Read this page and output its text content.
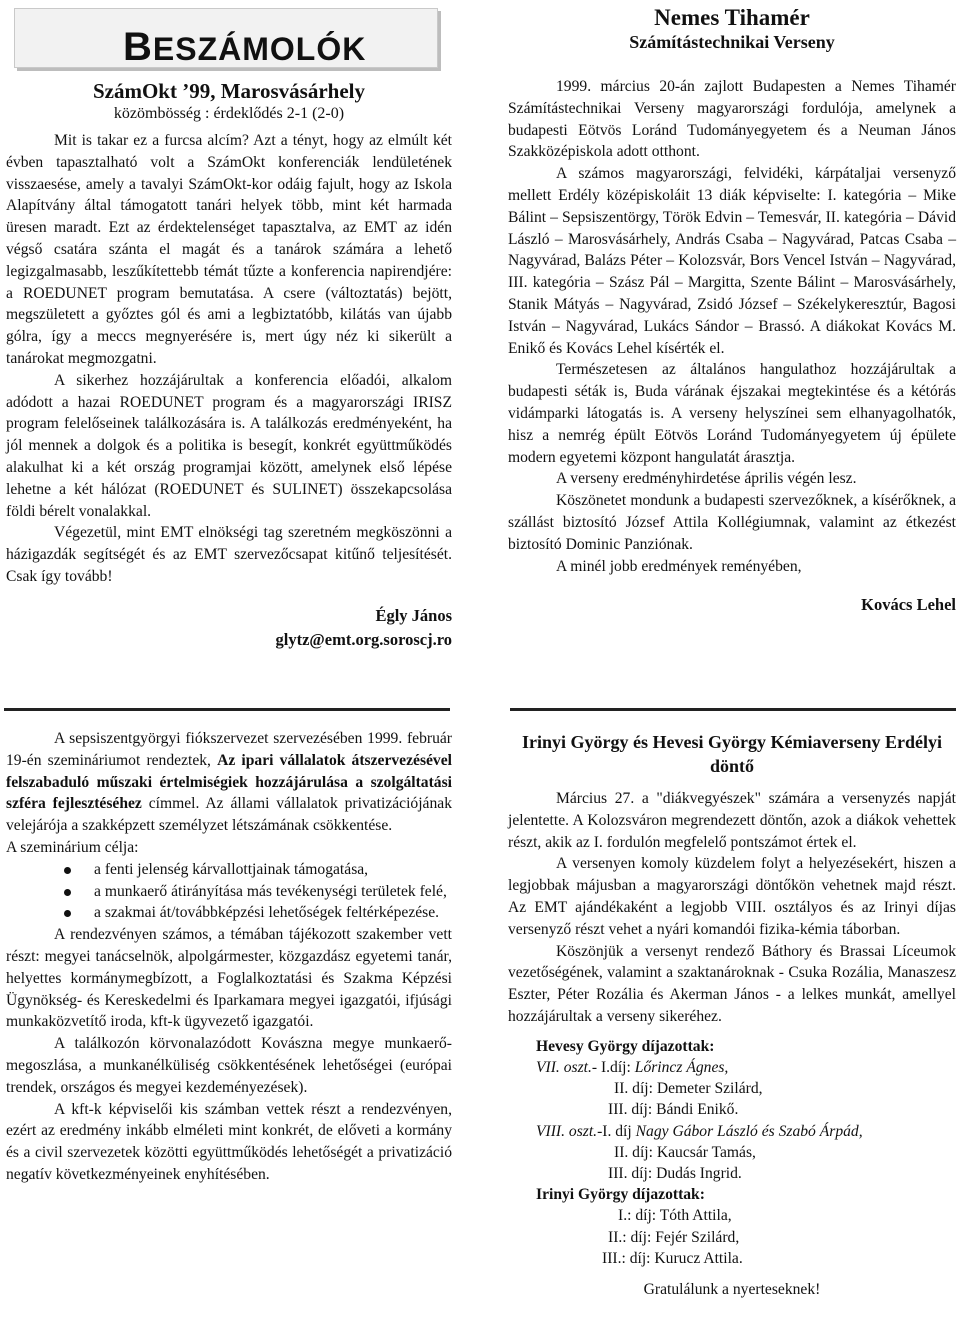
BESZÁMOLÓK

SzámOkt ’99, Marosvásárhely

közömbösség : érdeklődés 2-1 (2-0)

Mit is takar ez a furcsa alcím? Azt a tényt, hogy az elmúlt két évben tapasztalható volt a SzámOkt konferenciák lendületének visszaesése, amely a tavalyi SzámOkt-kor odáig fajult, hogy az Iskola Alapítvány által támogatott tanári helyek több, mint két harmada üresen maradt. Ezt az érdektelenséget tapasztalva, az EMT az idén végső csatára szánta el magát és a tanárok számára a lehető legizgalmasabb, leszűkítettebb témát tűzte a konferencia napirendjére: a ROEDUNET program bemutatása. A csere (változtatás) bejött, megszületett a győztes gól és ami a legbiztatóbb, kilátás van újabb gólra, így a meccs megnyerésére is, mert úgy néz ki sikerült a tanárokat megmozgatni.

A sikerhez hozzájárultak a konferencia előadói, alkalom adódott a hazai ROEDUNET program és a magyarországi IRISZ program felelőseinek találkozására is. A találkozás eredményeként, ha jól mennek a dolgok és a politika is besegít, konkrét együttműködés alakulhat ki a két ország programjai között, amelynek első lépése lehetne a két hálózat (ROEDUNET és SULINET) összekapcsolása földi bérelt vonalakkal.

Végezetül, mint EMT elnökségi tag szeretném megköszönni a házigazdák segítségét és az EMT szervezőcsapat kitűnő teljesítését. Csak így tovább!

Égly János

glytz@emt.org.soroscj.ro

Nemes Tihamér

Számítástechnikai Verseny

1999. március 20-án zajlott Budapesten a Nemes Tihamér Számítástechnikai Verseny magyarországi fordulója, amelynek a budapesti Eötvös Loránd Tudományegyetem és a Neuman János Szakközépiskola adott otthont.

A számos magyarországi, felvidéki, kárpátaljai versenyző mellett Erdély középiskoláit 13 diák képviselte: I. kategória – Mike Bálint – Sepsiszentörgy, Török Edvin – Temesvár, II. kategória – Dávid László – Marosvásárhely, András Csaba – Nagyvárad, Patcas Csaba – Nagyvárad, Balázs Péter – Kolozsvár, Bors Vencel István – Nagyvárad, III. kategória – Szász Pál – Margitta, Szente Bálint – Marosvásárhely, Stanik Mátyás – Nagyvárad, Zsidó József – Székelykeresztúr, Bagosi István – Nagyvárad, Lukács Sándor – Brassó. A diákokat Kovács M. Enikő és Kovács Lehel kísérték el.

Természetesen az általános hangulathoz hozzájárultak a budapesti séták is, Buda várának éjszakai megtekintése és a kétórás vidámparki látogatás is. A verseny helyszínei sem elhanyagolhatók, hisz a nemrég épült Eötvös Loránd Tudományegyetem új épülete modern egyetemi központ hangulatát árasztja.

A verseny eredményhirdetése április végén lesz.

Köszönetet mondunk a budapesti szervezőknek, a kísérőknek, a szállást biztosító József Attila Kollégiumnak, valamint az étkezést biztosító Dominic Panziónak.

A minél jobb eredmények reményében,

Kovács Lehel

A sepsiszentgyörgyi fiókszervezet szervezésében 1999. február 19-én szemináriumot rendeztek, Az ipari vállalatok átszervezésével felszabaduló műszaki értelmiségiek hozzájárulása a szolgáltatási szféra fejlesztéséhez címmel. Az állami vállalatok privatizációjának velejárója a szakképzett személyzet létszámának csökkentése.

A szeminárium célja:

a fenti jelenség kárvallottjainak támogatása,
a munkaerő átirányítása más tevékenységi területek felé,
a szakmai át/továbbképzési lehetőségek feltérképezése.

A rendezvényen számos, a témában tájékozott szakember vett részt: megyei tanácselnök, alpolgármester, közgazdász egyetemi tanár, helyettes kormánymegbízott, a Foglalkoztatási és Szakma Képzési Ügynökség- és Kereskedelmi és Iparkamara megyei igazgatói, ifjúsági munkaközvetítő iroda, kft-k ügyvezető igazgatói.

A találkozón körvonalazódott Kovászna megye munkaerő-megoszlása, a munkanélküliség csökkentésének lehetőségei (európai trendek, országos és megyei kezdeményezések).

A kft-k képviselői kis számban vettek részt a rendezvényen, ezért az eredmény inkább elméleti mint konkrét, de előveti a kormány és a civil szervezetek közötti együttműködés lehetőségét a privatizáció negatív következményeinek enyhítésében.

Irinyi György és Hevesi György Kémiaverseny Erdélyi döntő

Március 27. a "diákvegyészek" számára a versenyzés napját jelentette. A Kolozsváron megrendezett döntőn, azok a diákok vehettek részt, akik az I. fordulón megfelelő pontszámot értek el.

A versenyen komoly küzdelem folyt a helyezésekért, hiszen a legjobbak májusban a magyarországi döntőkön vehetnek majd részt. Az EMT ajándékaként a legjobb VIII. osztályos és az Irinyi díjas versenyző részt vehet a nyári komandói fizika-kémia táborban.

Köszönjük a versenyt rendező Báthory és Brassai Líceumok vezetőségének, valamint a szaktanároknak - Csuka Rozália, Manaszesz Eszter, Péter Rozália és Akerman János - a lelkes munkát, amellyel hozzájárultak a verseny sikeréhez.

Hevesy György díjazottak:

VII. oszt.- I.díj: Lőrincz Ágnes,

II. díj: Demeter Szilárd,

III. díj: Bándi Enikő.

VIII. oszt.-I. díj Nagy Gábor László és Szabó Árpád,

II. díj: Kaucsár Tamás,

III. díj: Dudás Ingrid.

Irinyi György díjazottak:

I.: díj: Tóth Attila,

II.: díj: Fejér Szilárd,

III.: díj: Kurucz Attila.

Gratulálunk a nyerteseknek!
